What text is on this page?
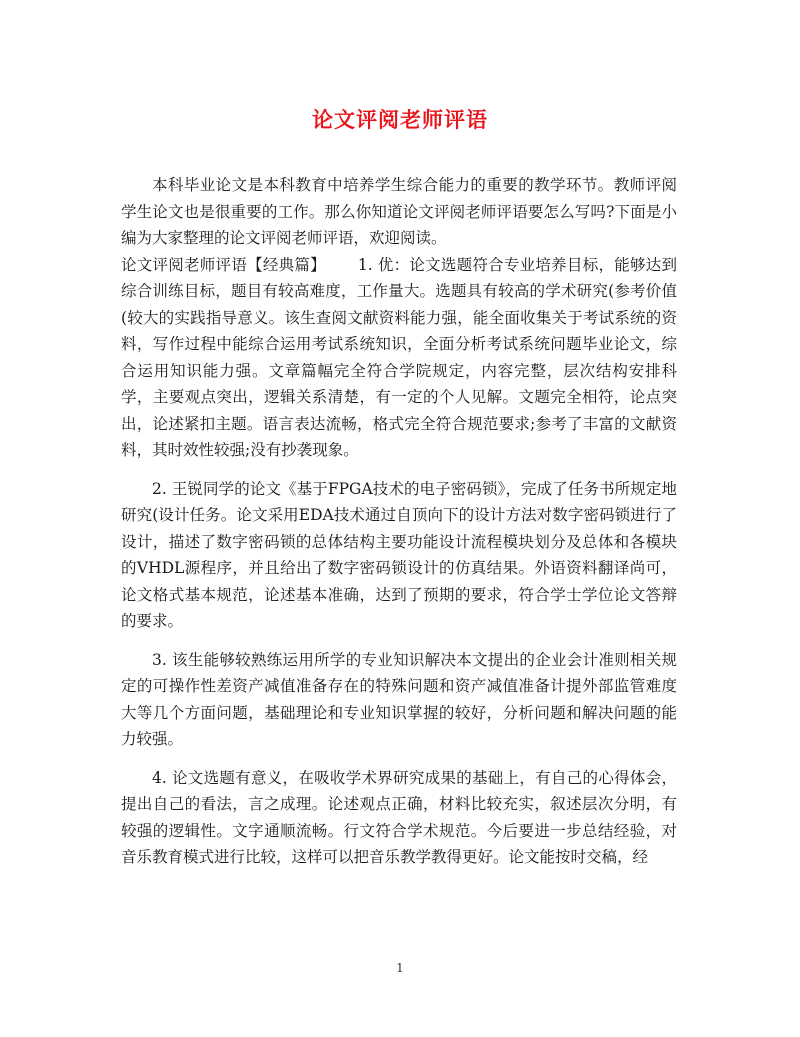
论文评阅老师评语

本科毕业论文是本科教育中培养学生综合能力的重要的教学环节。教师评阅学生论文也是很重要的工作。那么你知道论文评阅老师评语要怎么写吗?下面是小编为大家整理的论文评阅老师评语，欢迎阅读。

论文评阅老师评语【经典篇】 1. 优：论文选题符合专业培养目标，能够达到综合训练目标，题目有较高难度，工作量大。选题具有较高的学术研究(参考价值(较大的实践指导意义。该生查阅文献资料能力强，能全面收集关于考试系统的资料，写作过程中能综合运用考试系统知识，全面分析考试系统问题毕业论文，综合运用知识能力强。文章篇幅完全符合学院规定，内容完整，层次结构安排科学，主要观点突出，逻辑关系清楚，有一定的个人见解。文题完全相符，论点突出，论述紧扣主题。语言表达流畅，格式完全符合规范要求;参考了丰富的文献资料，其时效性较强;没有抄袭现象。

2. 王锐同学的论文《基于FPGA技术的电子密码锁》，完成了任务书所规定地研究(设计任务。论文采用EDA技术通过自顶向下的设计方法对数字密码锁进行了设计，描述了数字密码锁的总体结构主要功能设计流程模块划分及总体和各模块的VHDL源程序，并且给出了数字密码锁设计的仿真结果。外语资料翻译尚可，论文格式基本规范，论述基本准确，达到了预期的要求，符合学士学位论文答辩的要求。

3. 该生能够较熟练运用所学的专业知识解决本文提出的企业会计准则相关规定的可操作性差资产减值准备存在的特殊问题和资产减值准备计提外部监管难度大等几个方面问题，基础理论和专业知识掌握的较好，分析问题和解决问题的能力较强。

4. 论文选题有意义，在吸收学术界研究成果的基础上，有自己的心得体会，提出自己的看法，言之成理。论述观点正确，材料比较充实，叙述层次分明，有较强的逻辑性。文字通顺流畅。行文符合学术规范。今后要进一步总结经验，对音乐教育模式进行比较，这样可以把音乐教学教得更好。论文能按时交稿，经

1
